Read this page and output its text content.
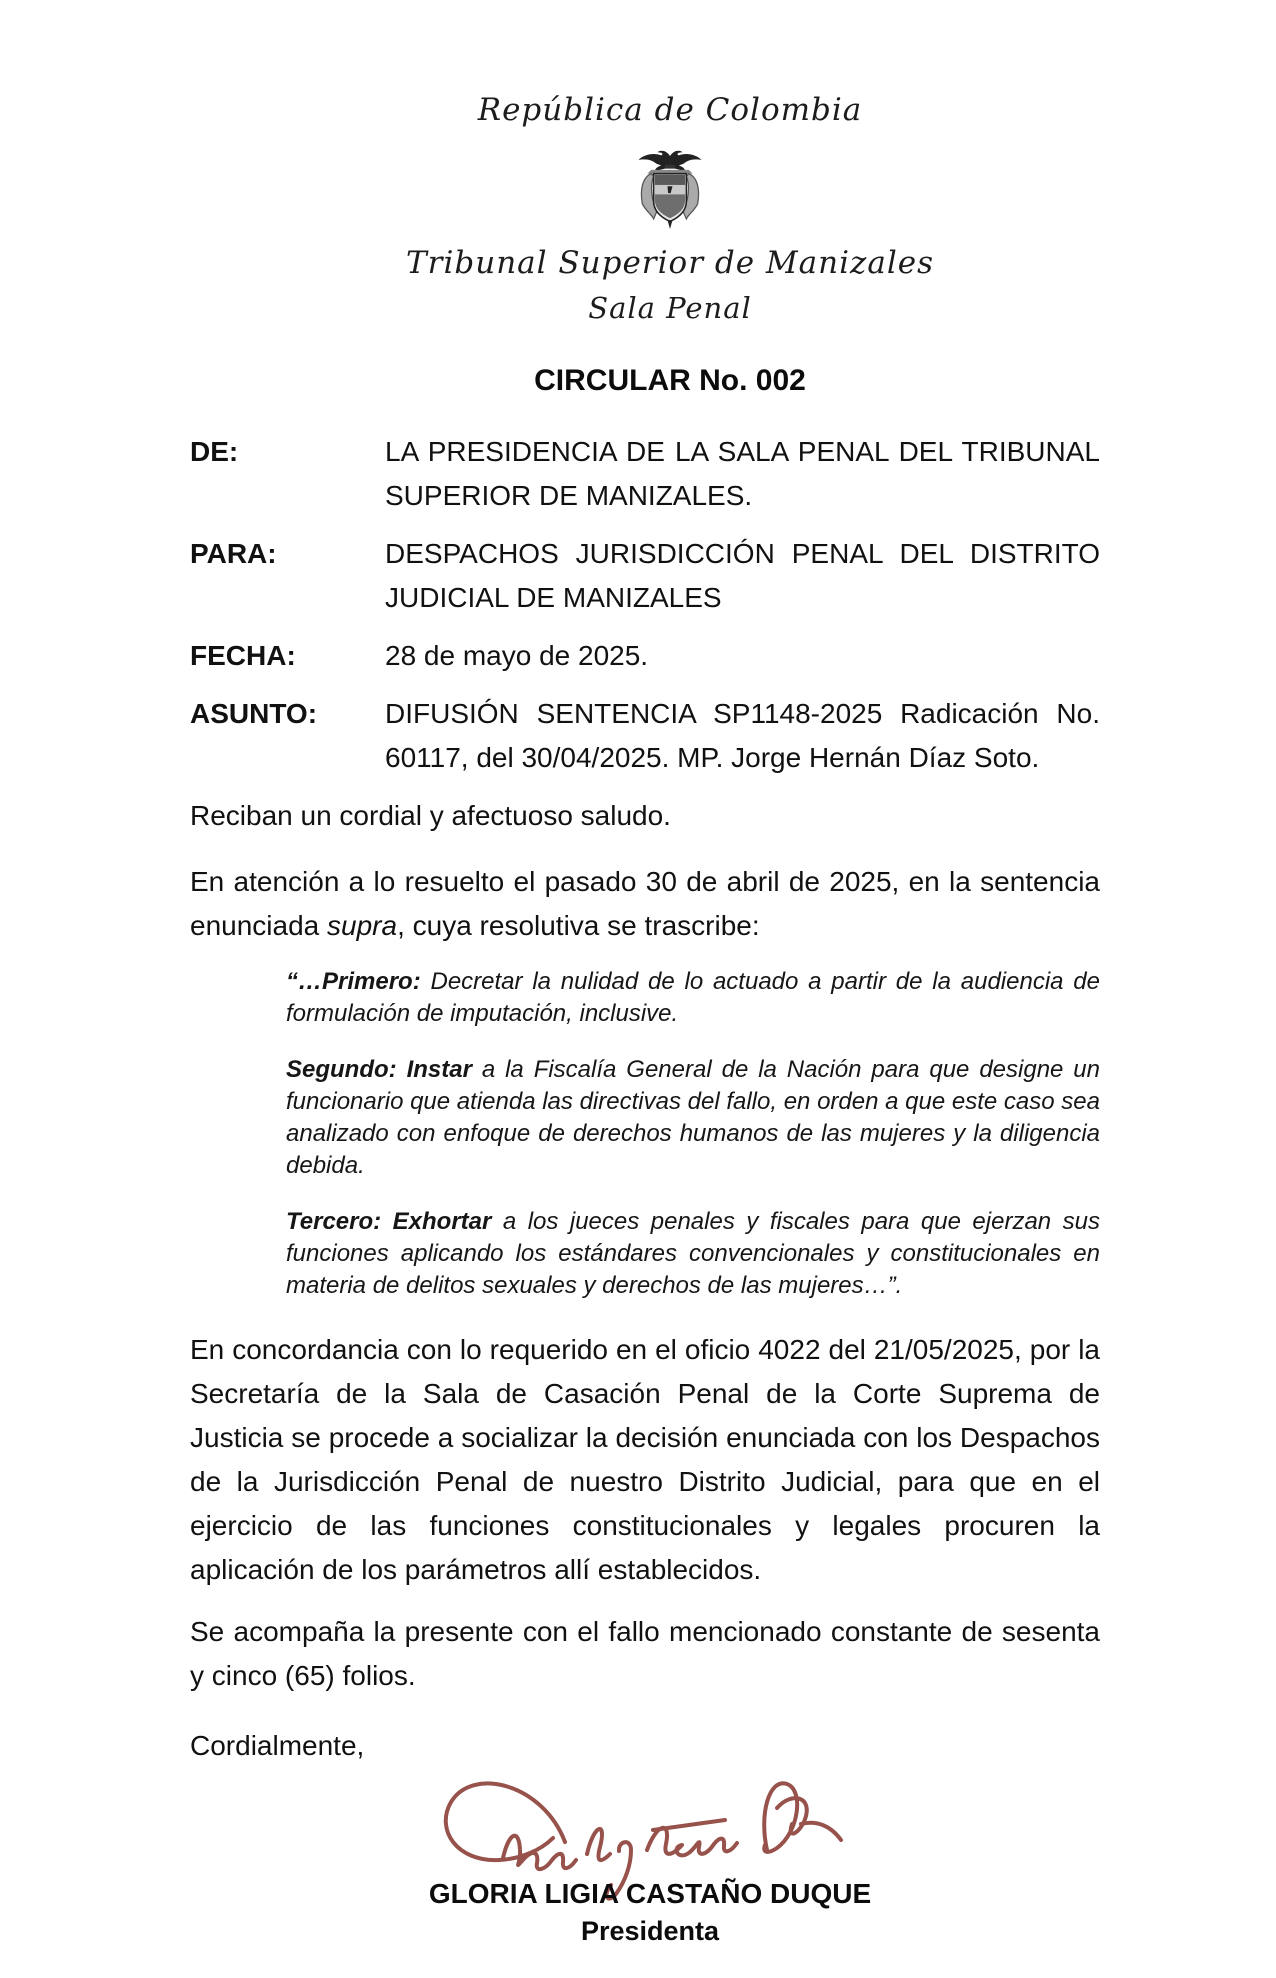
República de Colombia
Tribunal Superior de Manizales
Sala Penal
CIRCULAR No. 002
DE:	LA PRESIDENCIA DE LA SALA PENAL DEL TRIBUNAL SUPERIOR DE MANIZALES.
PARA:	DESPACHOS JURISDICCIÓN PENAL DEL DISTRITO JUDICIAL DE MANIZALES
FECHA:	28 de mayo de 2025.
ASUNTO:	DIFUSIÓN SENTENCIA SP1148-2025 Radicación No. 60117, del 30/04/2025. MP. Jorge Hernán Díaz Soto.

Reciban un cordial y afectuoso saludo.

En atención a lo resuelto el pasado 30 de abril de 2025, en la sentencia enunciada supra, cuya resolutiva se trascribe:

“…Primero: Decretar la nulidad de lo actuado a partir de la audiencia de formulación de imputación, inclusive.

Segundo: Instar a la Fiscalía General de la Nación para que designe un funcionario que atienda las directivas del fallo, en orden a que este caso sea analizado con enfoque de derechos humanos de las mujeres y la diligencia debida.

Tercero: Exhortar a los jueces penales y fiscales para que ejerzan sus funciones aplicando los estándares convencionales y constitucionales en materia de delitos sexuales y derechos de las mujeres…”.

En concordancia con lo requerido en el oficio 4022 del 21/05/2025, por la Secretaría de la Sala de Casación Penal de la Corte Suprema de Justicia se procede a socializar la decisión enunciada con los Despachos de la Jurisdicción Penal de nuestro Distrito Judicial, para que en el ejercicio de las funciones constitucionales y legales procuren la aplicación de los parámetros allí establecidos.

Se acompaña la presente con el fallo mencionado constante de sesenta y cinco (65) folios.

Cordialmente,
GLORIA LIGIA CASTAÑO DUQUE
Presidenta
